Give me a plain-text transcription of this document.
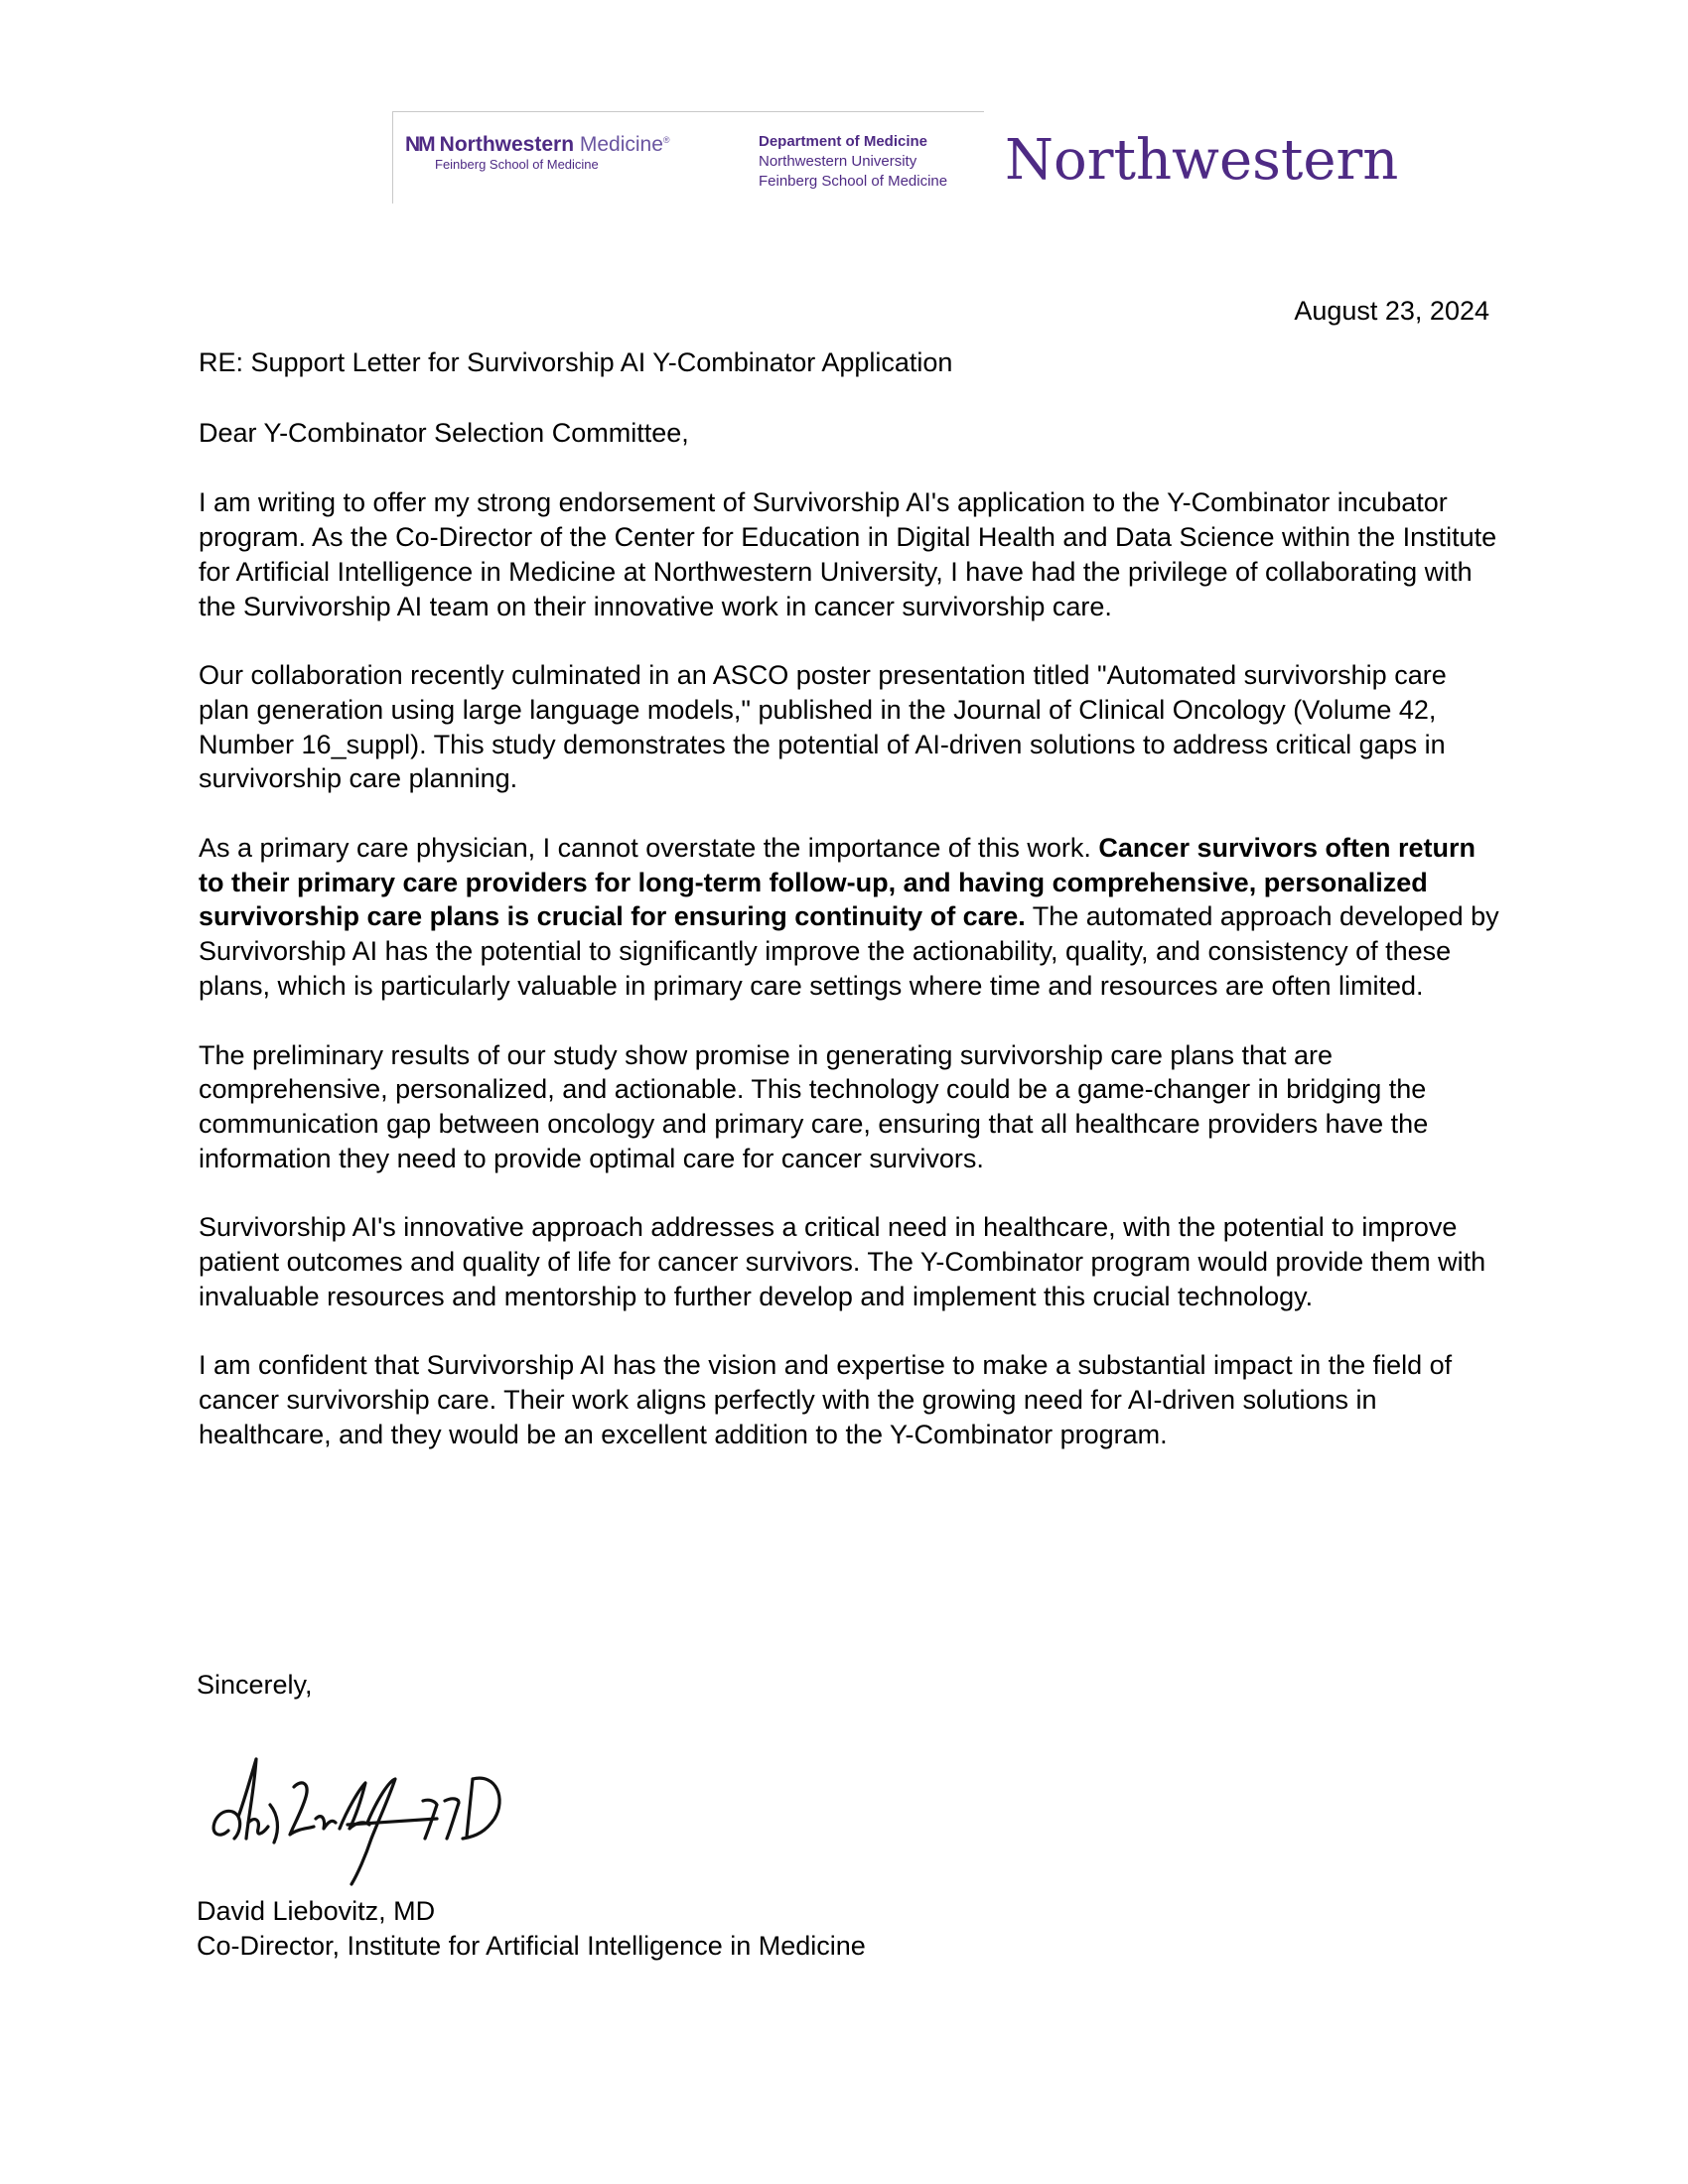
NM Northwestern Medicine®
Feinberg School of Medicine
Department of Medicine
Northwestern University
Feinberg School of Medicine	Northwestern
August 23, 2024

RE: Support Letter for Survivorship AI Y-Combinator Application

Dear Y-Combinator Selection Committee,

I am writing to offer my strong endorsement of Survivorship AI's application to the Y-Combinator incubator program. As the Co-Director of the Center for Education in Digital Health and Data Science within the Institute for Artificial Intelligence in Medicine at Northwestern University, I have had the privilege of collaborating with the Survivorship AI team on their innovative work in cancer survivorship care.

Our collaboration recently culminated in an ASCO poster presentation titled "Automated survivorship care plan generation using large language models," published in the Journal of Clinical Oncology (Volume 42, Number 16_suppl). This study demonstrates the potential of AI-driven solutions to address critical gaps in survivorship care planning.

As a primary care physician, I cannot overstate the importance of this work. Cancer survivors often return to their primary care providers for long-term follow-up, and having comprehensive, personalized survivorship care plans is crucial for ensuring continuity of care. The automated approach developed by Survivorship AI has the potential to significantly improve the actionability, quality, and consistency of these plans, which is particularly valuable in primary care settings where time and resources are often limited.

The preliminary results of our study show promise in generating survivorship care plans that are comprehensive, personalized, and actionable. This technology could be a game-changer in bridging the communication gap between oncology and primary care, ensuring that all healthcare providers have the information they need to provide optimal care for cancer survivors.

Survivorship AI's innovative approach addresses a critical need in healthcare, with the potential to improve patient outcomes and quality of life for cancer survivors. The Y-Combinator program would provide them with invaluable resources and mentorship to further develop and implement this crucial technology.

I am confident that Survivorship AI has the vision and expertise to make a substantial impact in the field of cancer survivorship care. Their work aligns perfectly with the growing need for AI-driven solutions in healthcare, and they would be an excellent addition to the Y-Combinator program.

Sincerely,
David Liebovitz, MD
Co-Director, Institute for Artificial Intelligence in Medicine
